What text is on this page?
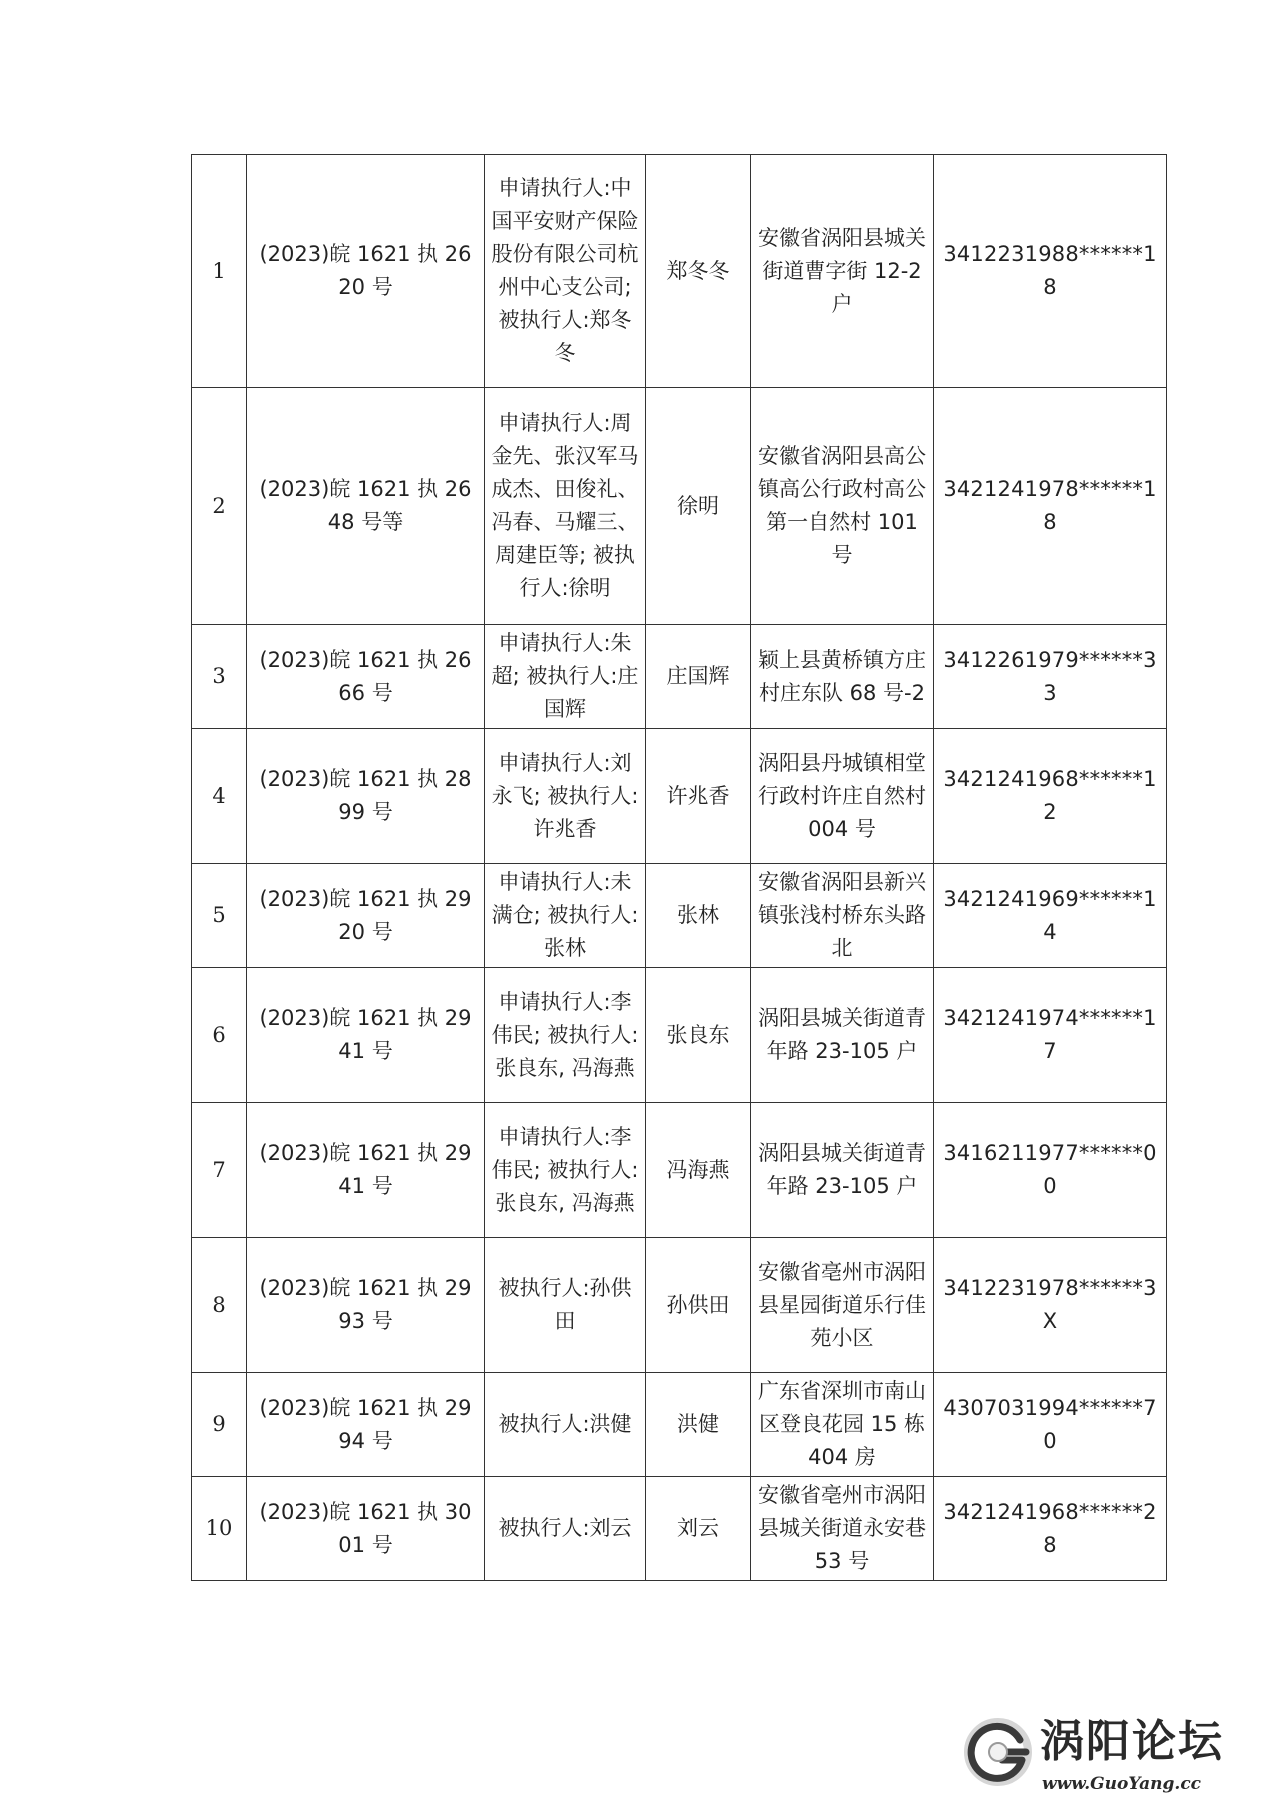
1	(2023)皖 1621 执 2620 号	申请执行人:中国平安财产保险股份有限公司杭州中心支公司; 被执行人:郑冬冬	郑冬冬	安徽省涡阳县城关街道曹字街 12-2 户	3412231988******18
2	(2023)皖 1621 执 2648 号等	申请执行人:周金先、张汉军马成杰、田俊礼、冯春、马耀三、周建臣等; 被执行人:徐明	徐明	安徽省涡阳县高公镇高公行政村高公第一自然村 101 号	3421241978******18
3	(2023)皖 1621 执 2666 号	申请执行人:朱超; 被执行人:庄国辉	庄国辉	颖上县黄桥镇方庄村庄东队 68 号-2	3412261979******33
4	(2023)皖 1621 执 2899 号	申请执行人:刘永飞; 被执行人:许兆香	许兆香	涡阳县丹城镇相堂行政村许庄自然村 004 号	3421241968******12
5	(2023)皖 1621 执 2920 号	申请执行人:未满仓; 被执行人:张林	张林	安徽省涡阳县新兴镇张浅村桥东头路北	3421241969******14
6	(2023)皖 1621 执 2941 号	申请执行人:李伟民; 被执行人:张良东, 冯海燕	张良东	涡阳县城关街道青年路 23-105 户	3421241974******17
7	(2023)皖 1621 执 2941 号	申请执行人:李伟民; 被执行人:张良东, 冯海燕	冯海燕	涡阳县城关街道青年路 23-105 户	3416211977******00
8	(2023)皖 1621 执 2993 号	被执行人:孙供田	孙供田	安徽省亳州市涡阳县星园街道乐行佳苑小区	3412231978******3X
9	(2023)皖 1621 执 2994 号	被执行人:洪健	洪健	广东省深圳市南山区登良花园 15 栋 404 房	4307031994******70
10	(2023)皖 1621 执 3001 号	被执行人:刘云	刘云	安徽省亳州市涡阳县城关街道永安巷 53 号	3421241968******28
涡阳论坛
www.GuoYang.cc
